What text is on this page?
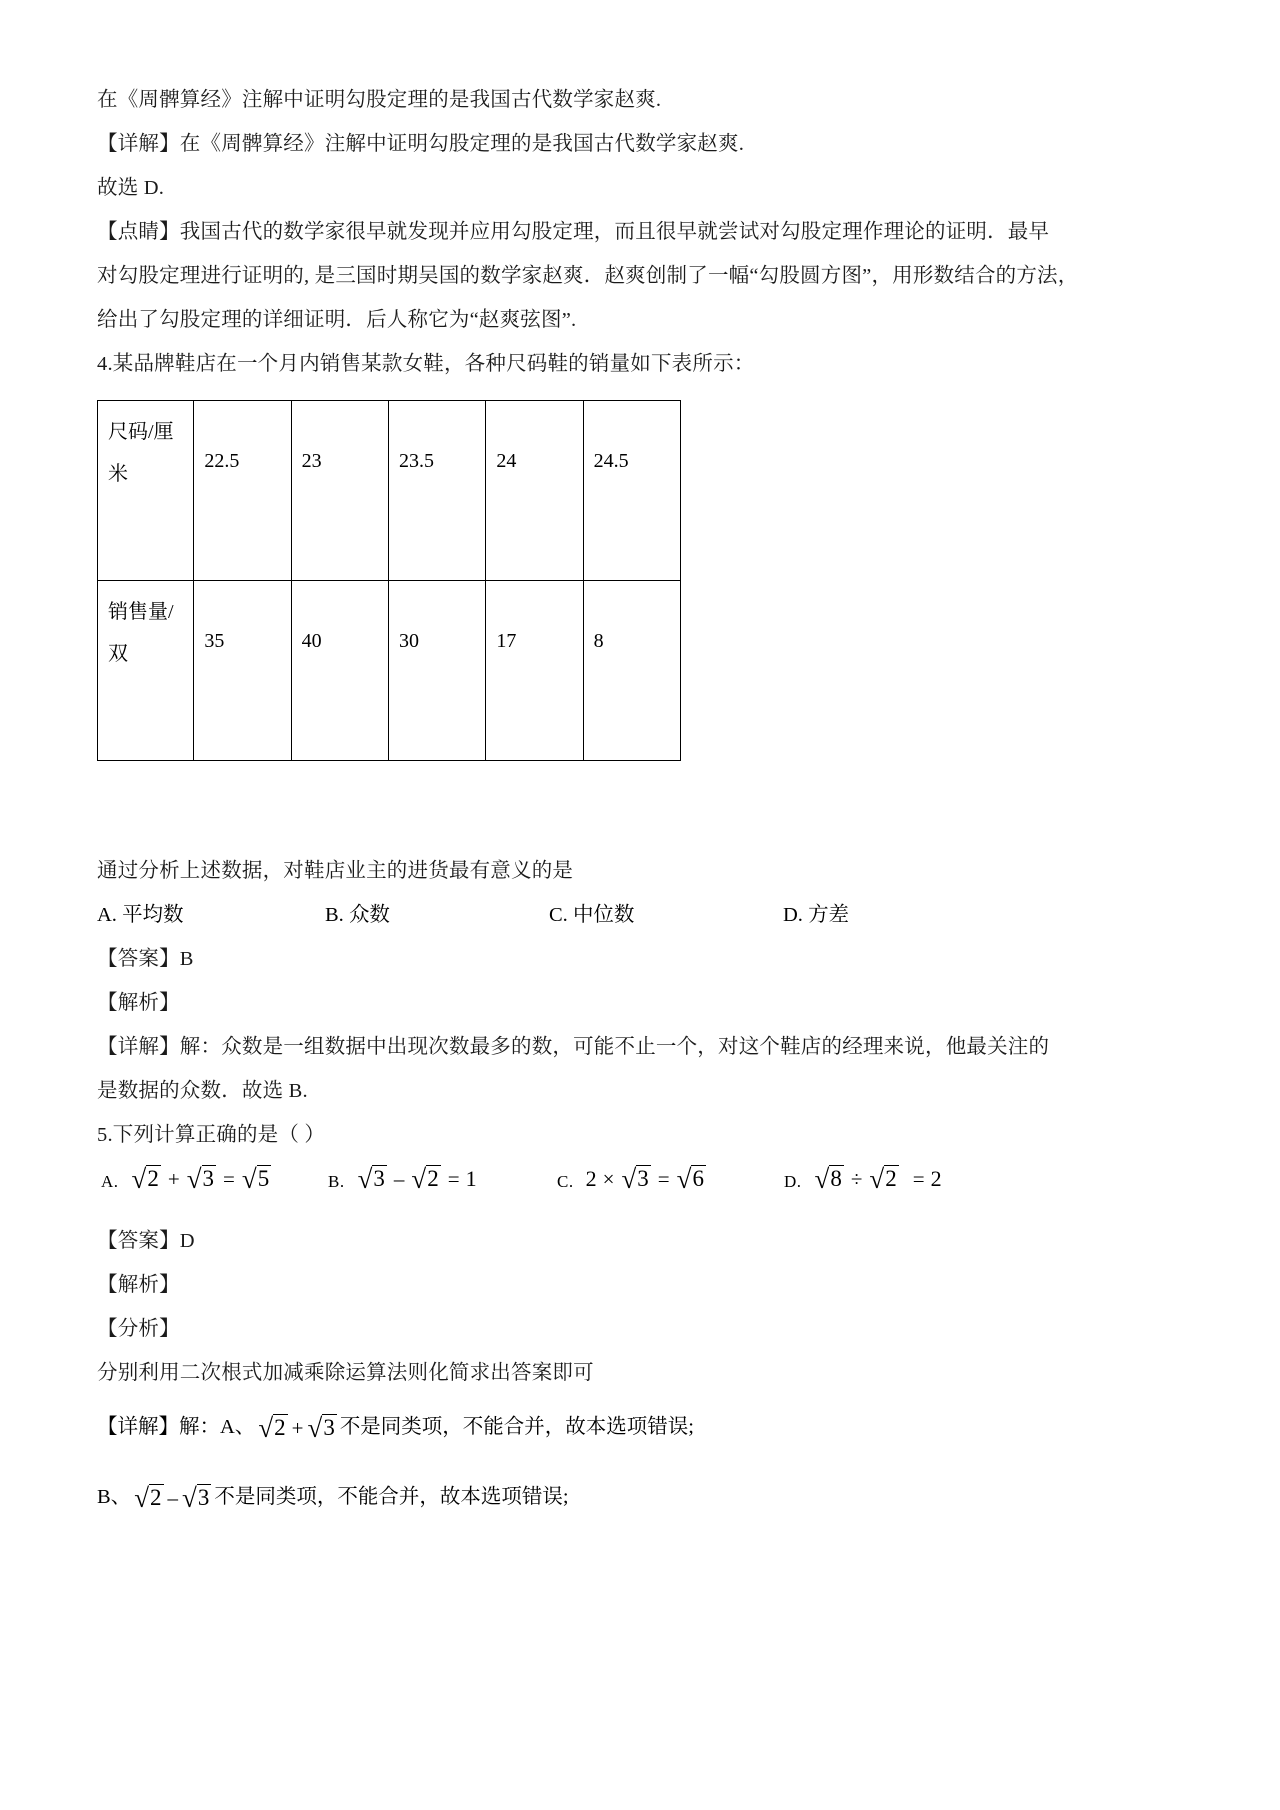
在《周髀算经》注解中证明勾股定理的是我国古代数学家赵爽.
【详解】在《周髀算经》注解中证明勾股定理的是我国古代数学家赵爽.
故选 D.
【点睛】我国古代的数学家很早就发现并应用勾股定理，而且很早就尝试对勾股定理作理论的证明．最早
对勾股定理进行证明的, 是三国时期吴国的数学家赵爽．赵爽创制了一幅“勾股圆方图”，用形数结合的方法，
给出了勾股定理的详细证明．后人称它为“赵爽弦图”.
4.某品牌鞋店在一个月内销售某款女鞋，各种尺码鞋的销量如下表所示：
尺码/厘
米	22.5	23	23.5	24	24.5

销售量/
双	35	40	30	17	8
通过分析上述数据，对鞋店业主的进货最有意义的是
A. 平均数	B. 众数	C. 中位数	D. 方差
【答案】B
【解析】
【详解】解：众数是一组数据中出现次数最多的数，可能不止一个，对这个鞋店的经理来说，他最关注的
是数据的众数．故选 B.
5.下列计算正确的是（ ）
A. √ 2 + √ 3 = √ 5	B. √ 3 – √ 2 = 1	C. 2 × √ 3 = √ 6	D. √ 8 ÷ √ 2 = 2
【答案】D
【解析】
【分析】
分别利用二次根式加减乘除运算法则化简求出答案即可
【详解】解：A、 √ 2 + √ 3 不是同类项，不能合并，故本选项错误;
B、 √ 2 – √ 3 不是同类项，不能合并，故本选项错误;
